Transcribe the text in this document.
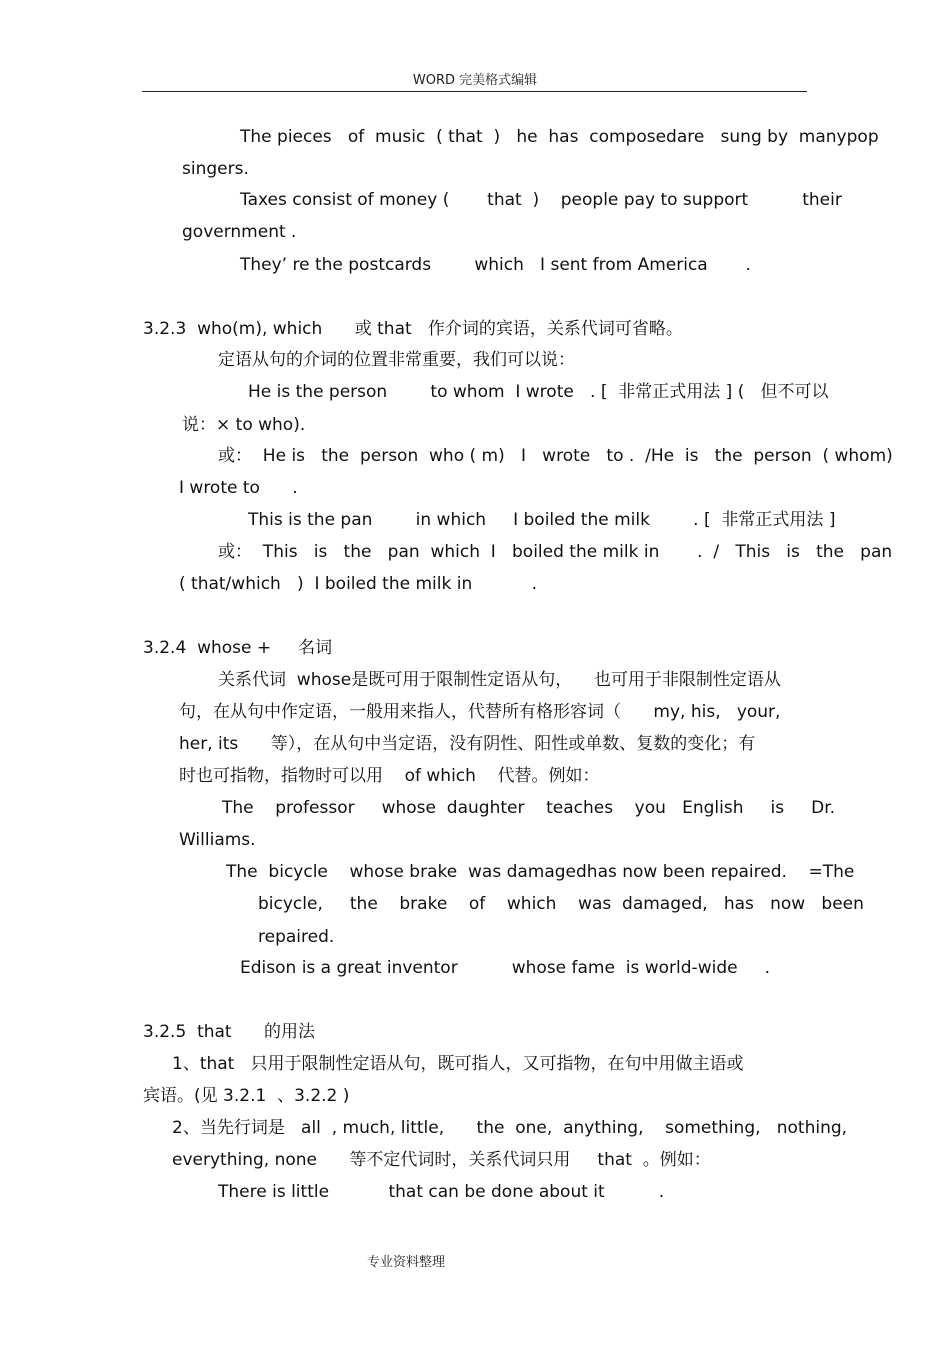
WORD 完美格式编辑
The pieces   of  music  ( that  )   he  has  composedare   sung by  manypop
singers.
Taxes consist of money (       that  )    people pay to support          their
government .
They’ re the postcards        which   I sent from America       .
3.2.3  who(m), which      或 that   作介词的宾语，关系代词可省略。
定语从句的介词的位置非常重要，我们可以说：
He is the person        to whom  I wrote   . [  非常正式用法 ] (   但不可以
说：× to who).
或：  He is   the  person  who ( m)   I   wrote   to .  /He  is   the  person  ( whom)
I wrote to      .
This is the pan        in which     I boiled the milk        . [  非常正式用法 ]
或：  This   is   the   pan  which  I   boiled the milk in       .  /   This   is   the   pan
( that/which   )  I boiled the milk in           .
3.2.4  whose +     名词
关系代词  whose是既可用于限制性定语从句，    也可用于非限制性定语从
句，在从句中作定语，一般用来指人，代替所有格形容词（      my, his,   your,
her, its      等），在从句中当定语，没有阴性、阳性或单数、复数的变化；有
时也可指物，指物时可以用    of which    代替。例如：
The    professor     whose  daughter    teaches    you   English     is     Dr.
Williams.
The  bicycle    whose brake  was damagedhas now been repaired.    =The
bicycle,     the    brake    of    which    was  damaged,   has   now   been
repaired.
Edison is a great inventor          whose fame  is world-wide     .
3.2.5  that      的用法
1、that   只用于限制性定语从句，既可指人，又可指物，在句中用做主语或
宾语。(见 3.2.1  、3.2.2 )
2、当先行词是   all  , much, little,      the  one,  anything,    something,   nothing,
everything, none      等不定代词时，关系代词只用     that  。例如：
There is little           that can be done about it          .
专业资料整理
